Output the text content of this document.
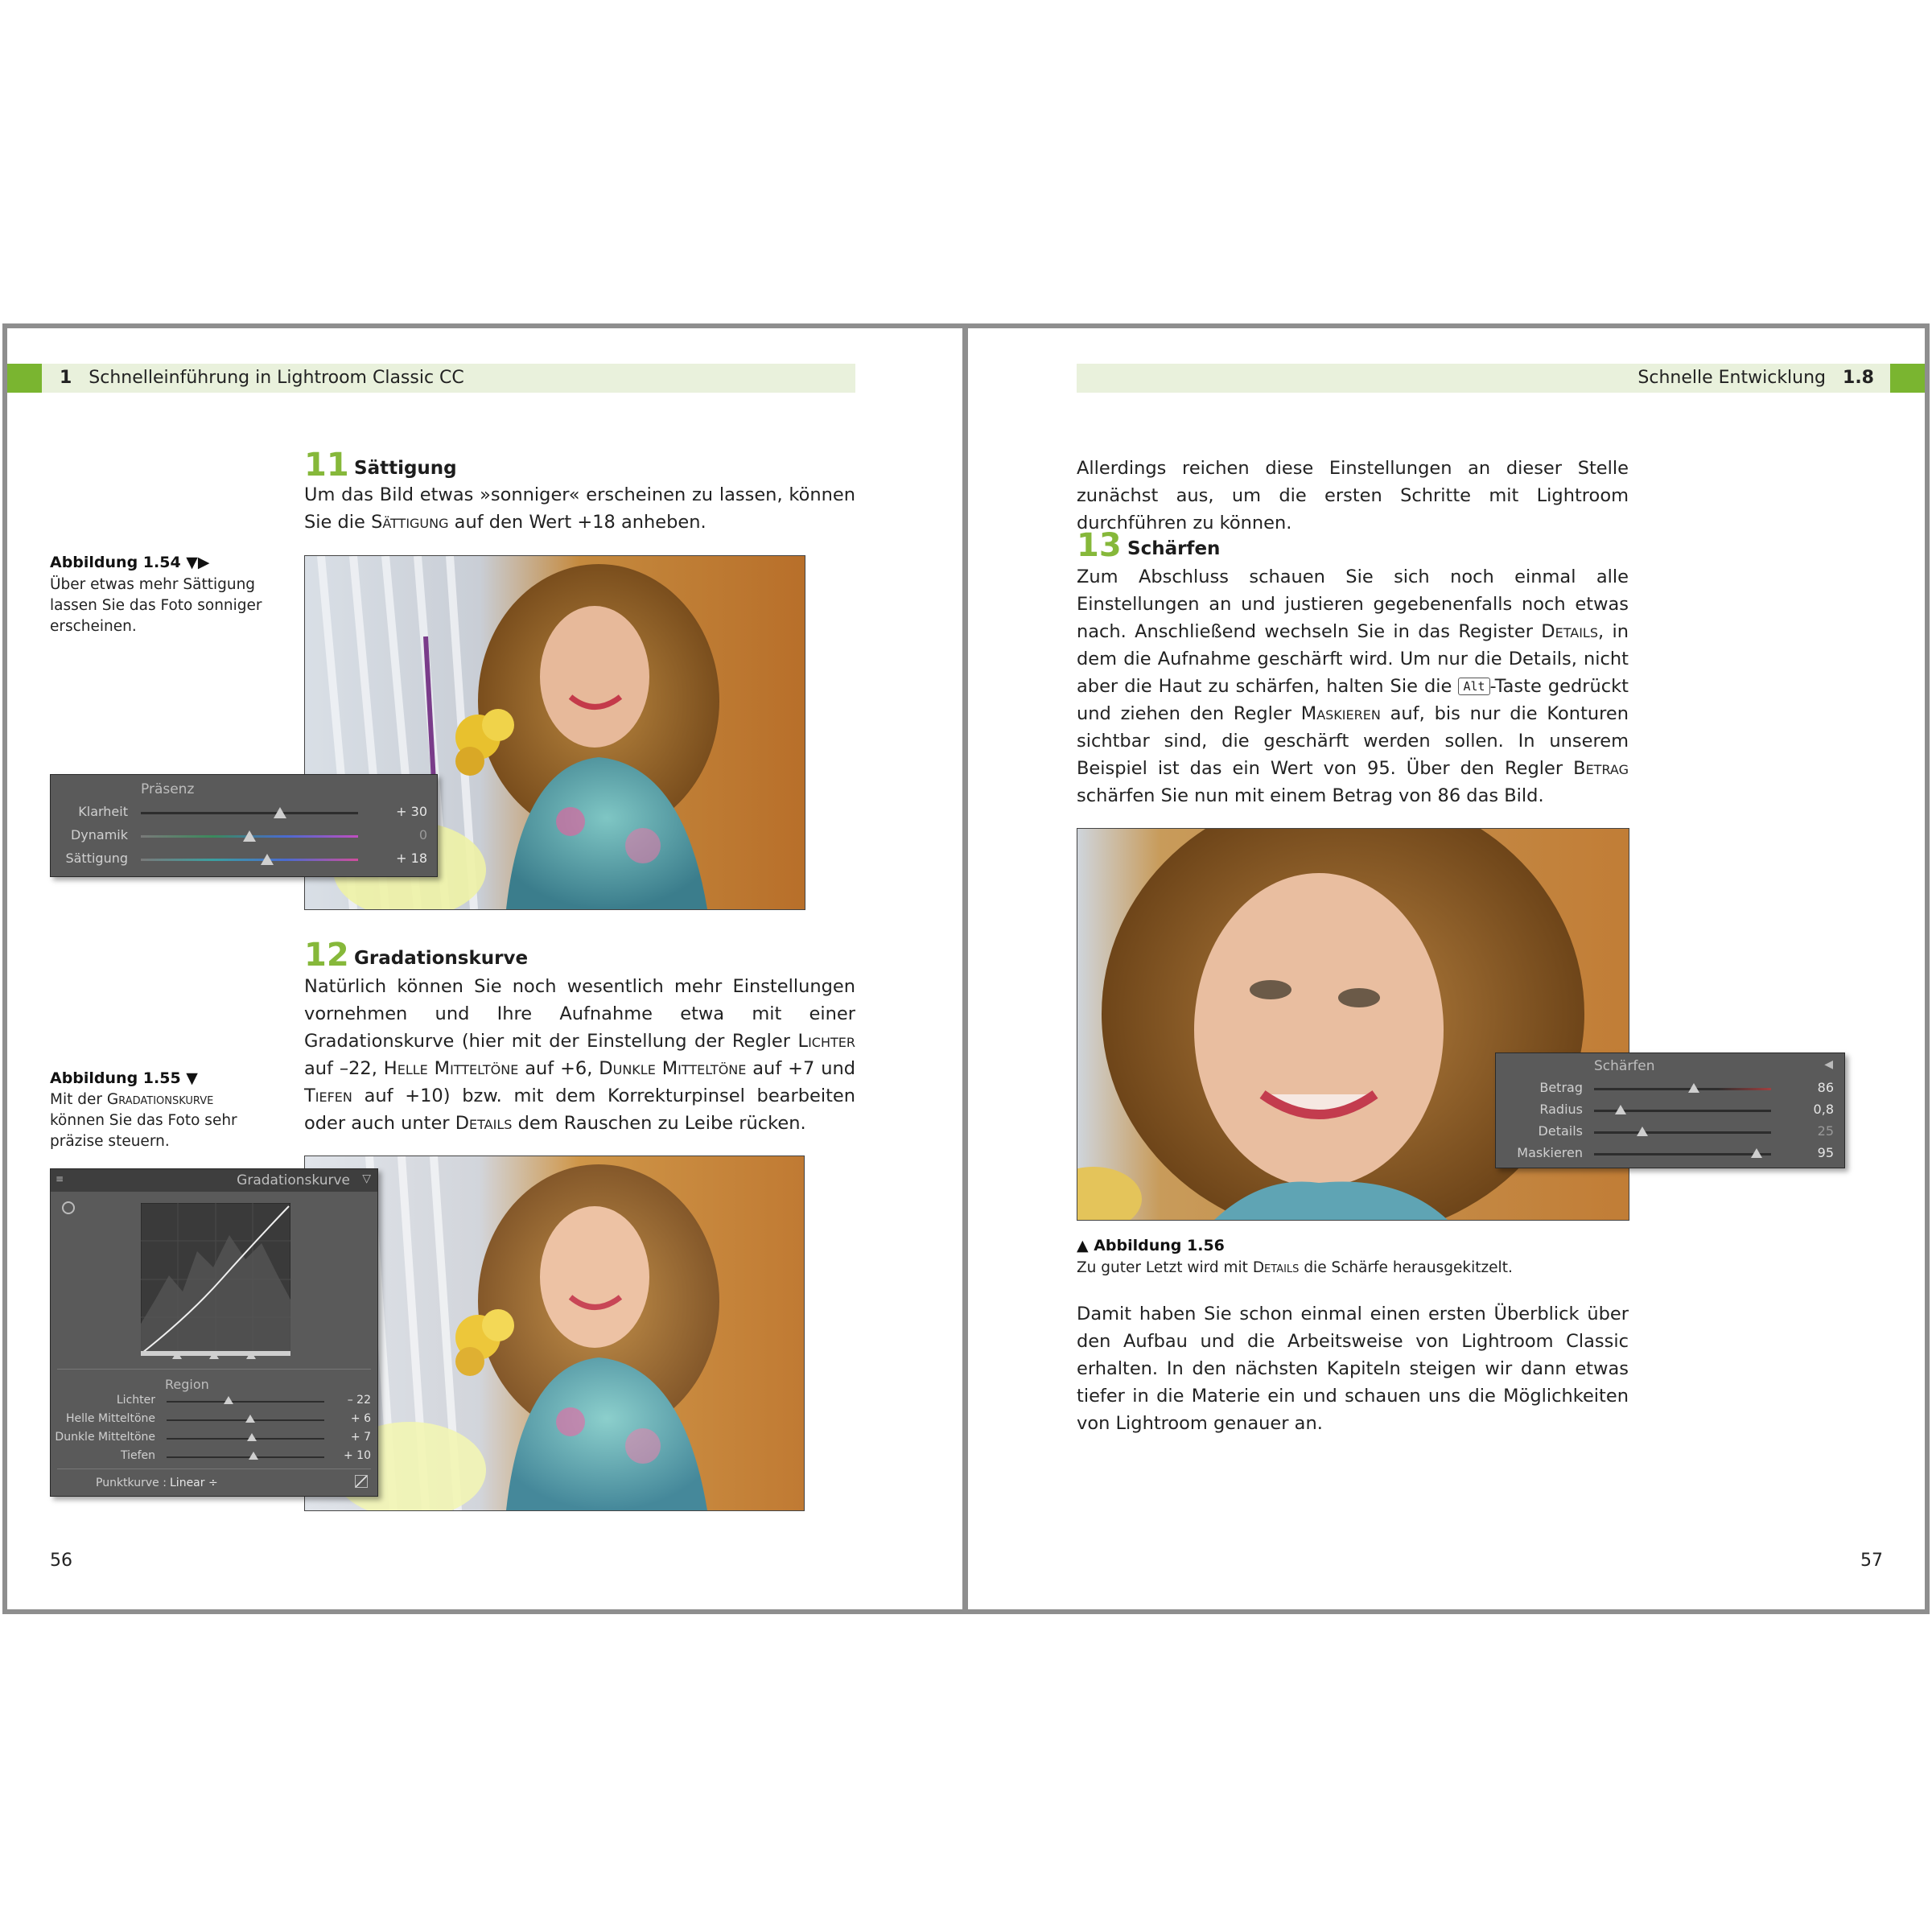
1 Schnelleinführung in Lightroom Classic CC
11 Sättigung

Um das Bild etwas »sonniger« erscheinen zu lassen, können Sie die Sättigung auf den Wert +18 anheben.

Abbildung 1.54 ▼▶

Über etwas mehr Sättigung lassen Sie das Foto sonniger erscheinen.

Präsenz
Klarheit	+ 30
Dynamik	0
Sättigung	+ 18
12 Gradationskurve

Natürlich können Sie noch wesentlich mehr Einstellungen vornehmen und Ihre Aufnahme etwa mit einer Gradationskurve (hier mit der Einstellung der Regler Lichter auf –22, Helle Mitteltöne auf +6, Dunkle Mitteltöne auf +7 und Tiefen auf +10) bzw. mit dem Korrekturpinsel bearbeiten oder auch unter Details dem Rauschen zu Leibe rücken.

Abbildung 1.55 ▼

Mit der Gradationskurve können Sie das Foto sehr präzise steuern.

≡	Gradationskurve ▽
Region
Lichter	– 22
Helle Mitteltöne	+ 6
Dunkle Mitteltöne	+ 7
Tiefen	+ 10
Punktkurve : Linear ÷
56
Schnelle Entwicklung 1.8

Allerdings reichen diese Einstellungen an dieser Stelle zunächst aus, um die ersten Schritte mit Lightroom durchführen zu können.

13 Schärfen

Zum Abschluss schauen Sie sich noch einmal alle Einstellungen an und justieren gegebenenfalls noch etwas nach. Anschließend wechseln Sie in das Register Details, in dem die Aufnahme geschärft wird. Um nur die Details, nicht aber die Haut zu schärfen, halten Sie die Alt -Taste gedrückt und ziehen den Regler Maskieren auf, bis nur die Konturen sichtbar sind, die geschärft werden sollen. In unserem Beispiel ist das ein Wert von 95. Über den Regler Betrag schärfen Sie nun mit einem Betrag von 86 das Bild.

Schärfen	◀
Betrag	86
Radius	0,8
Details	25
Maskieren	95
▲ Abbildung 1.56

Zu guter Letzt wird mit Details die Schärfe herausgekitzelt.

Damit haben Sie schon einmal einen ersten Überblick über den Aufbau und die Arbeitsweise von Lightroom Classic erhalten. In den nächsten Kapiteln steigen wir dann etwas tiefer in die Materie ein und schauen uns die Möglichkeiten von Lightroom genauer an.

57
